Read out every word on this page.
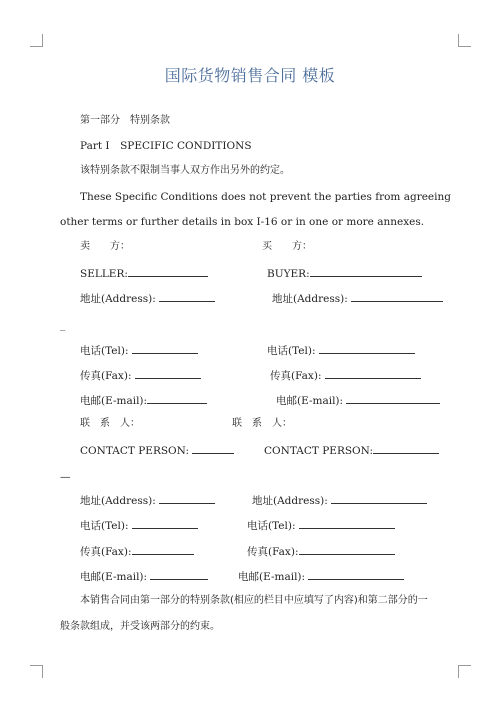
国际货物销售合同 模板
第一部分　特别条款
Part I　SPECIFIC CONDITIONS
该特别条款不限制当事人双方作出另外的约定。
These Specific Conditions does not prevent the parties from agreeing
other terms or further details in box I-16 or in one or more annexes.
卖　　方：	买　　方：
SELLER:	BUYER:
地址(Address):	地址(Address):
_
电话(Tel):	电话(Tel):
传真(Fax):	传真(Fax):
电邮(E-mail):	电邮(E-mail):
联　系　人：	联　系　人：
CONTACT PERSON:	CONTACT PERSON:
—
地址(Address):	地址(Address):
电话(Tel):	电话(Tel):
传真(Fax):	传真(Fax):
电邮(E-mail):	电邮(E-mail):
本销售合同由第一部分的特别条款(相应的栏目中应填写了内容)和第二部分的一
般条款组成，并受该两部分的约束。
